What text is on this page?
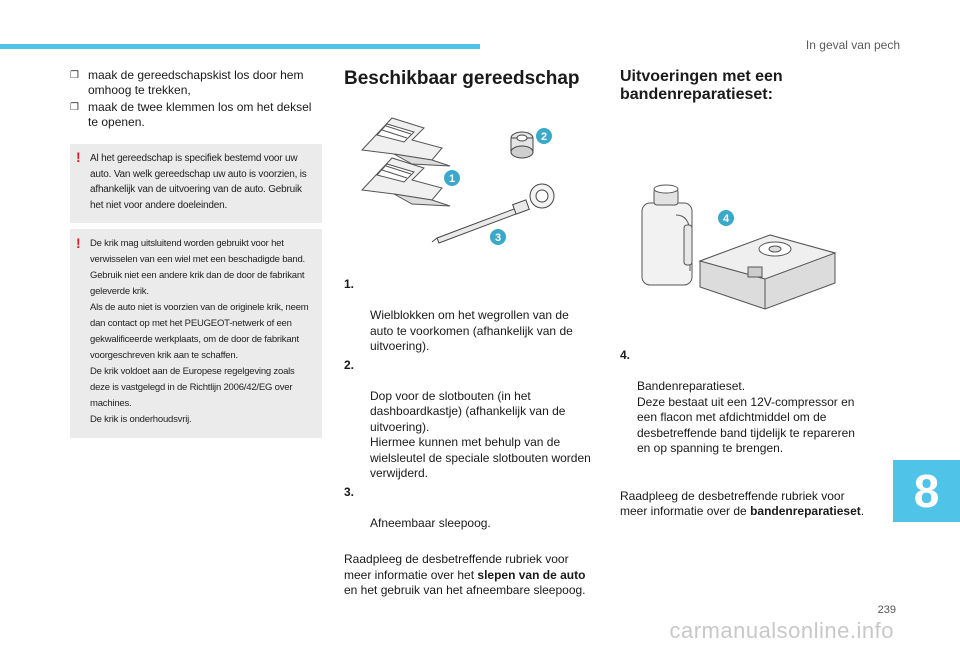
In geval van pech
❒ maak de gereedschapskist los door hem omhoog te trekken,
❒ maak de twee klemmen los om het deksel te openen.
! Al het gereedschap is specifiek bestemd voor uw auto. Van welk gereedschap uw auto is voorzien, is afhankelijk van de uitvoering van de auto. Gebruik het niet voor andere doeleinden.

! De krik mag uitsluitend worden gebruikt voor het verwisselen van een wiel met een beschadigde band. Gebruik niet een andere krik dan de door de fabrikant geleverde krik.
Als de auto niet is voorzien van de originele krik, neem dan contact op met het PEUGEOT-netwerk of een gekwalificeerde werkplaats, om de door de fabrikant voorgeschreven krik aan te schaffen.
De krik voldoet aan de Europese regelgeving zoals deze is vastgelegd in de Richtlijn 2006/42/EG over machines.
De krik is onderhoudsvrij.

Beschikbaar gereedschap
1
2
3

1.

Wielblokken om het wegrollen van de auto te voorkomen (afhankelijk van de uitvoering).

2.

Dop voor de slotbouten (in het dashboardkastje) (afhankelijk van de uitvoering).
Hiermee kunnen met behulp van de wielsleutel de speciale slotbouten worden verwijderd.

3.

Afneembaar sleepoog.

Raadpleeg de desbetreffende rubriek voor meer informatie over het slepen van de auto en het gebruik van het afneembare sleepoog.
Uitvoeringen met een bandenreparatieset:
4

4.

Bandenreparatieset.
Deze bestaat uit een 12V-compressor en een flacon met afdichtmiddel om de desbetreffende band tijdelijk te repareren en op spanning te brengen.

Raadpleeg de desbetreffende rubriek voor meer informatie over de bandenreparatieset.	8
239
carmanualsonline.info
